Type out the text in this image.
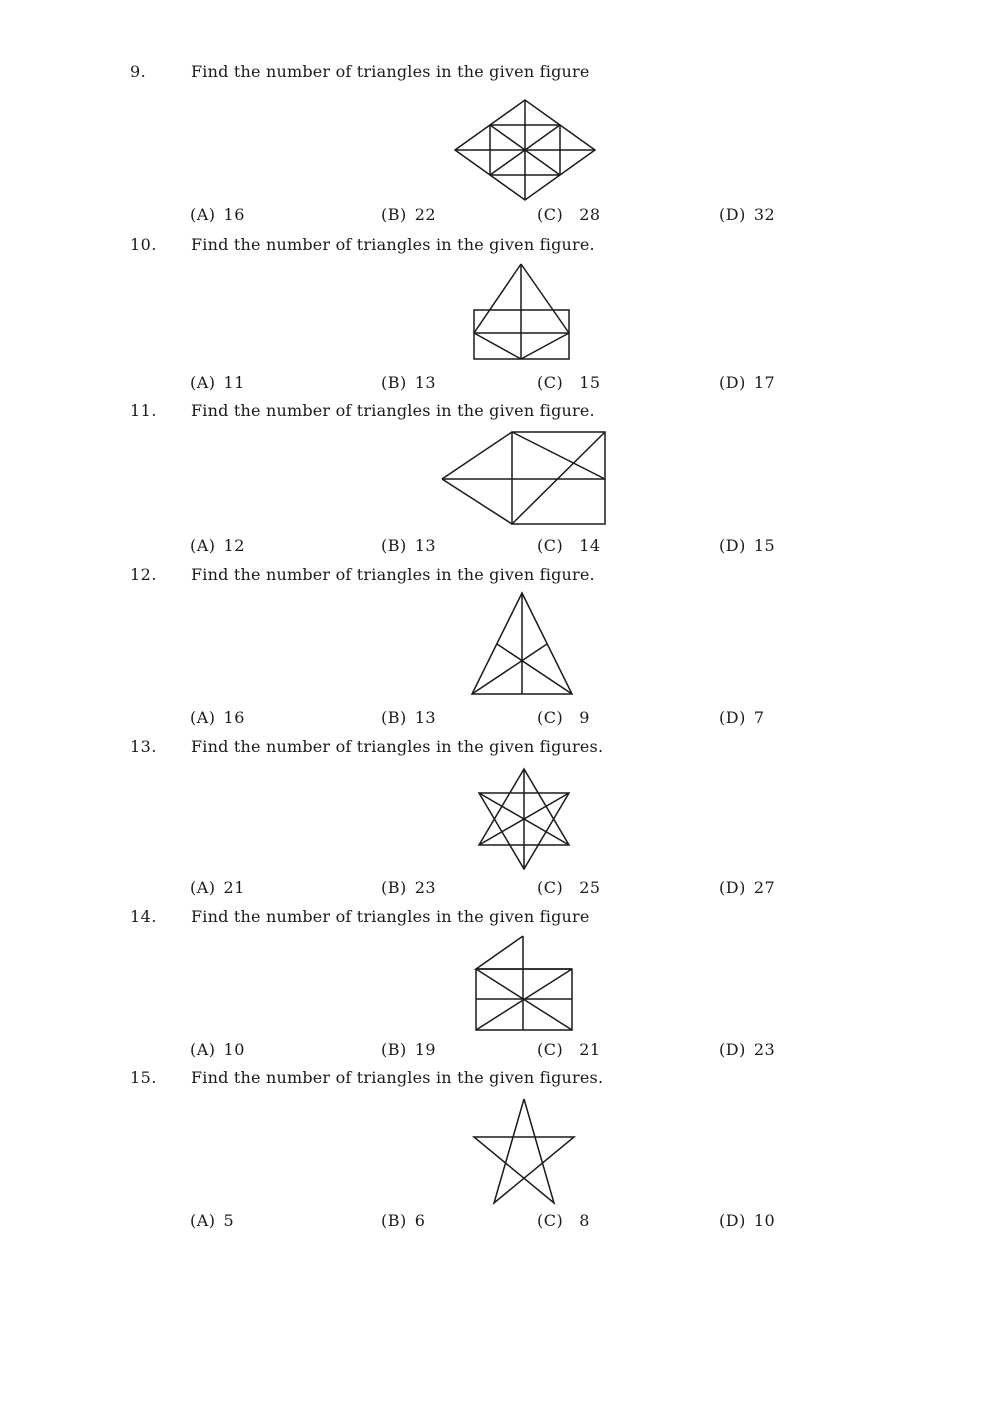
9.	Find the number of triangles in the given figure
(A) 16	(B) 22	(C) 28	(D) 32
10. Find the number of triangles in the given figure.
(A) 11	(B) 13	(C) 15	(D) 17
11. Find the number of triangles in the given figure.
(A) 12	(B) 13	(C) 14	(D) 15
12. Find the number of triangles in the given figure.
(A) 16	(B) 13	(C) 9	(D) 7
13. Find the number of triangles in the given figures.
(A) 21	(B) 23	(C) 25	(D) 27
14. Find the number of triangles in the given figure
(A) 10	(B) 19	(C) 21	(D) 23
15. Find the number of triangles in the given figures.
(A) 5	(B) 6	(C) 8	(D) 10
